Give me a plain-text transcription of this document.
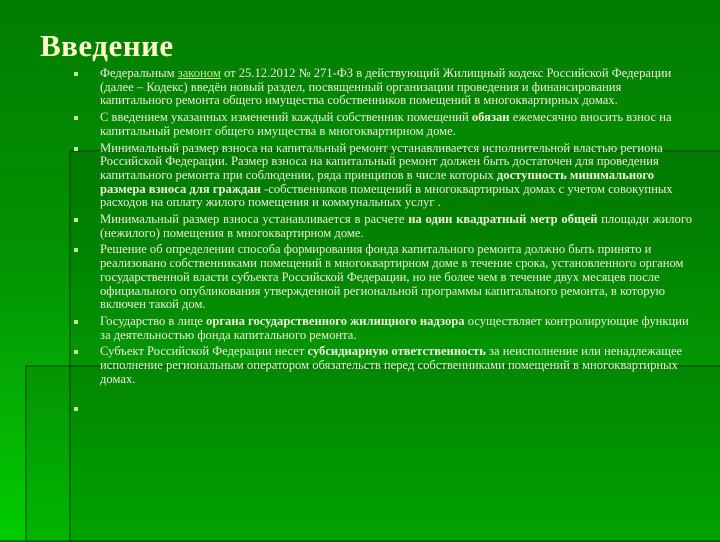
Введение
Федеральным законом от 25.12.2012 № 271-ФЗ в действующий Жилищный кодекс Российской Федерации (далее – Кодекс) введён новый раздел, посвященный организации проведения и финансирования капитального ремонта общего имущества собственников помещений в многоквартирных домах.
С введением указанных изменений каждый собственник помещений обязан ежемесячно вносить взнос на капитальный ремонт общего имущества в многоквартирном доме.
Минимальный размер взноса на капитальный ремонт устанавливается исполнительной властью региона Российской Федерации. Размер взноса на капитальный ремонт должен быть достаточен для проведения капитального ремонта при соблюдении, ряда принципов в числе которых доступность минимального размера взноса для граждан -собственников помещений в многоквартирных домах с учетом совокупных расходов на оплату жилого помещения и коммунальных услуг .
Минимальный размер взноса устанавливается в расчете на один квадратный метр общей площади жилого (нежилого) помещения в многоквартирном доме.
Решение об определении способа формирования фонда капитального ремонта должно быть принято и реализовано собственниками помещений в многоквартирном доме в течение срока, установленного органом государственной власти субъекта Российской Федерации, но не более чем в течение двух месяцев после официального опубликования утвержденной региональной программы капитального ремонта, в которую включен такой дом.
Государство в лице органа государственного жилищного надзора осуществляет контролирующие функции за деятельностью фонда капитального ремонта.
Субъект Российской Федерации несет субсидиарную ответственность за неисполнение или ненадлежащее исполнение региональным оператором обязательств перед собственниками помещений в многоквартирных домах.
